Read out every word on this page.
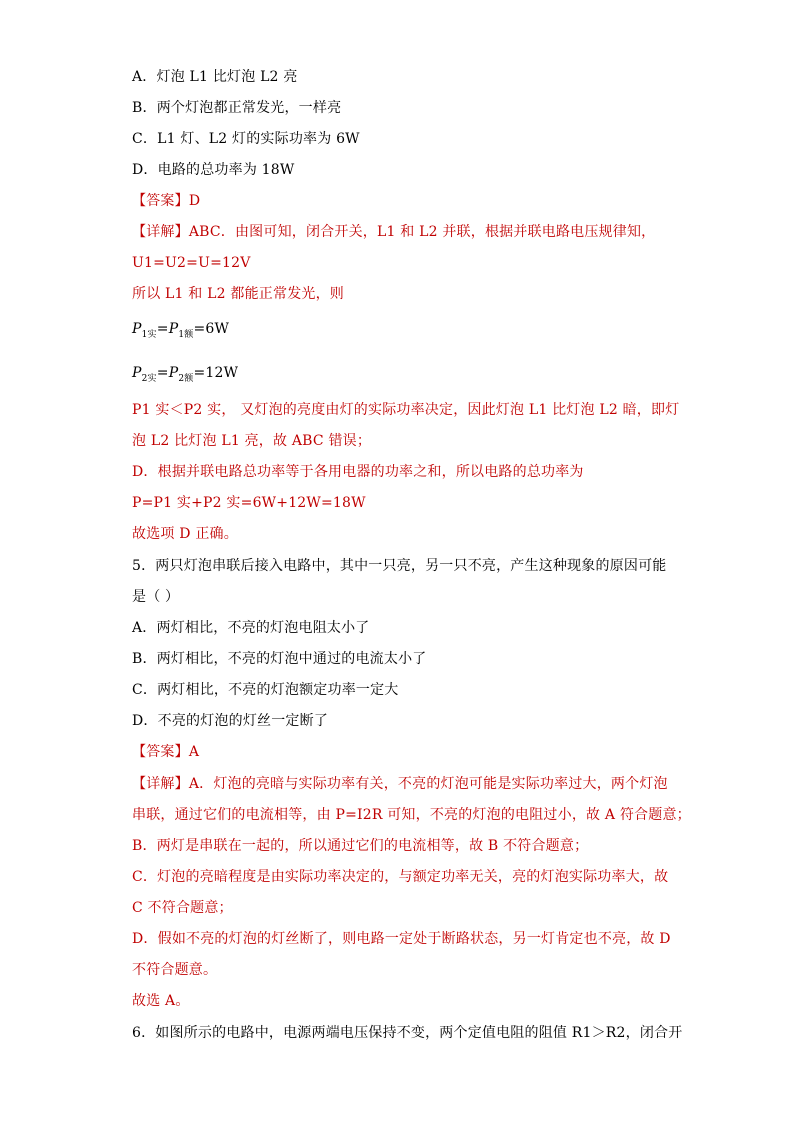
A．灯泡 L1 比灯泡 L2 亮
B．两个灯泡都正常发光，一样亮
C．L1 灯、L2 灯的实际功率为 6W
D．电路的总功率为 18W
【答案】D
【详解】ABC．由图可知，闭合开关，L1 和 L2 并联，根据并联电路电压规律知，
U1=U2=U=12V
所以 L1 和 L2 都能正常发光，则
$P_{1实}=P_{1额}=6W$
$P_{2实}=P_{2额}=12W$
P1 实＜P2 实， 又灯泡的亮度由灯的实际功率决定，因此灯泡 L1 比灯泡 L2 暗，即灯
泡 L2 比灯泡 L1 亮，故 ABC 错误；
D．根据并联电路总功率等于各用电器的功率之和，所以电路的总功率为
P=P1 实+P2 实=6W+12W=18W
故选项 D 正确。
5．两只灯泡串联后接入电路中，其中一只亮，另一只不亮，产生这种现象的原因可能
是（ ）
A．两灯相比，不亮的灯泡电阻太小了
B．两灯相比，不亮的灯泡中通过的电流太小了
C．两灯相比，不亮的灯泡额定功率一定大
D．不亮的灯泡的灯丝一定断了
【答案】A
【详解】A．灯泡的亮暗与实际功率有关，不亮的灯泡可能是实际功率过大，两个灯泡
串联，通过它们的电流相等，由 P=I2R 可知，不亮的灯泡的电阻过小，故 A 符合题意；
B．两灯是串联在一起的，所以通过它们的电流相等，故 B 不符合题意；
C．灯泡的亮暗程度是由实际功率决定的，与额定功率无关，亮的灯泡实际功率大，故
C 不符合题意；
D．假如不亮的灯泡的灯丝断了，则电路一定处于断路状态，另一灯肯定也不亮，故 D
不符合题意。
故选 A。
6．如图所示的电路中，电源两端电压保持不变，两个定值电阻的阻值 R1＞R2，闭合开
